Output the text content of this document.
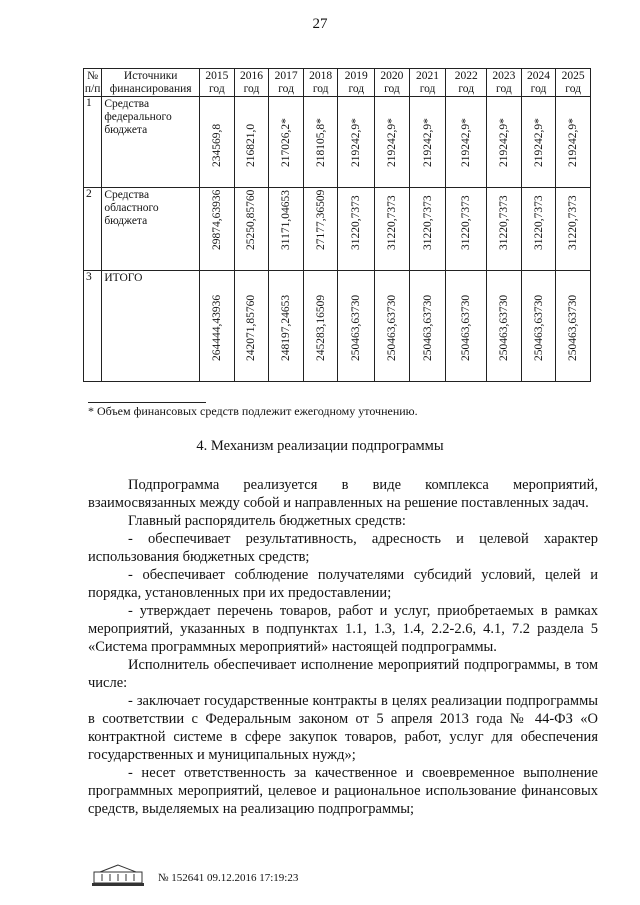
27
№ п/п	Источники финансирования	2015 год	2016 год	2017 год	2018 год	2019 год	2020 год	2021 год	2022 год	2023 год	2024 год	2025 год
1	Средства федерального бюджета	234569,8	216821,0	217026,2*	218105,8*	219242,9*	219242,9*	219242,9*	219242,9*	219242,9*	219242,9*	219242,9*

2	Средства областного бюджета	29874,63936	25250,85760	31171,04653	27177,36509	31220,7373	31220,7373	31220,7373	31220,7373	31220,7373	31220,7373	31220,7373

3	ИТОГО	264444,43936	242071,85760	248197,24653	245283,16509	250463,63730	250463,63730	250463,63730	250463,63730	250463,63730	250463,63730	250463,63730
* Объем финансовых средств подлежит ежегодному уточнению.
4. Механизм реализации подпрограммы

Подпрограмма реализуется в виде комплекса мероприятий, взаимосвязанных между собой и направленных на решение поставленных задач.

Главный распорядитель бюджетных средств:

- обеспечивает результативность, адресность и целевой характер использования бюджетных средств;

- обеспечивает соблюдение получателями субсидий условий, целей и порядка, установленных при их предоставлении;

- утверждает перечень товаров, работ и услуг, приобретаемых в рамках мероприятий, указанных в подпунктах 1.1, 1.3, 1.4, 2.2-2.6, 4.1, 7.2 раздела 5 «Система программных мероприятий» настоящей подпрограммы.

Исполнитель обеспечивает исполнение мероприятий подпрограммы, в том числе:

- заключает государственные контракты в целях реализации подпрограммы в соответствии с Федеральным законом от 5 апреля 2013 года № 44-ФЗ «О контрактной системе в сфере закупок товаров, работ, услуг для обеспечения государственных и муниципальных нужд»;

- несет ответственность за качественное и своевременное выполнение программных мероприятий, целевое и рациональное использование финансовых средств, выделяемых на реализацию подпрограммы;

№ 152641 09.12.2016 17:19:23
